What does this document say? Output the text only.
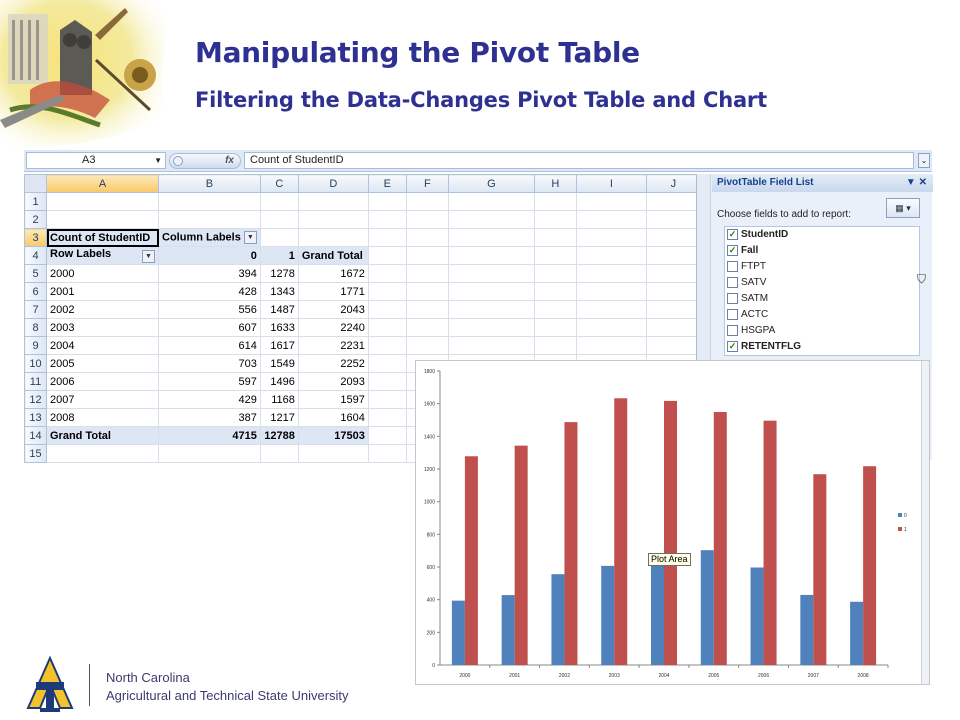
Manipulating the Pivot Table
Filtering the Data-Changes Pivot Table and Chart
A3	▼	fx	Count of StudentID	⌄
	A	B	C	D	E	F	G	H	I	J
1										
2										
3	Count of StudentID	Column Labels ▼								
4	Row Labels ▼	0	1	Grand Total						
5	2000	394	1278	1672						
6	2001	428	1343	1771						
7	2002	556	1487	2043						
8	2003	607	1633	2240						
9	2004	614	1617	2231						
10	2005	703	1549	2252						
11	2006	597	1496	2093						
12	2007	429	1168	1597						
13	2008	387	1217	1604						
14	Grand Total	4715	12788	17503						
15										
PivotTable Field List	▼ ✕
Choose fields to add to report:
▦ ▾
✓ StudentID
✓ Fall
FTPT
SATV
SATM
ACTC
HSGPA
✓ RETENTFLG
⛉
0
200
400
600
800
1000
1200
1400
1600
1800
2000	2001	2002	2003	2004	2005	2006	2007	2008
0
1
Plot Area
North Carolina
Agricultural and Technical State University
